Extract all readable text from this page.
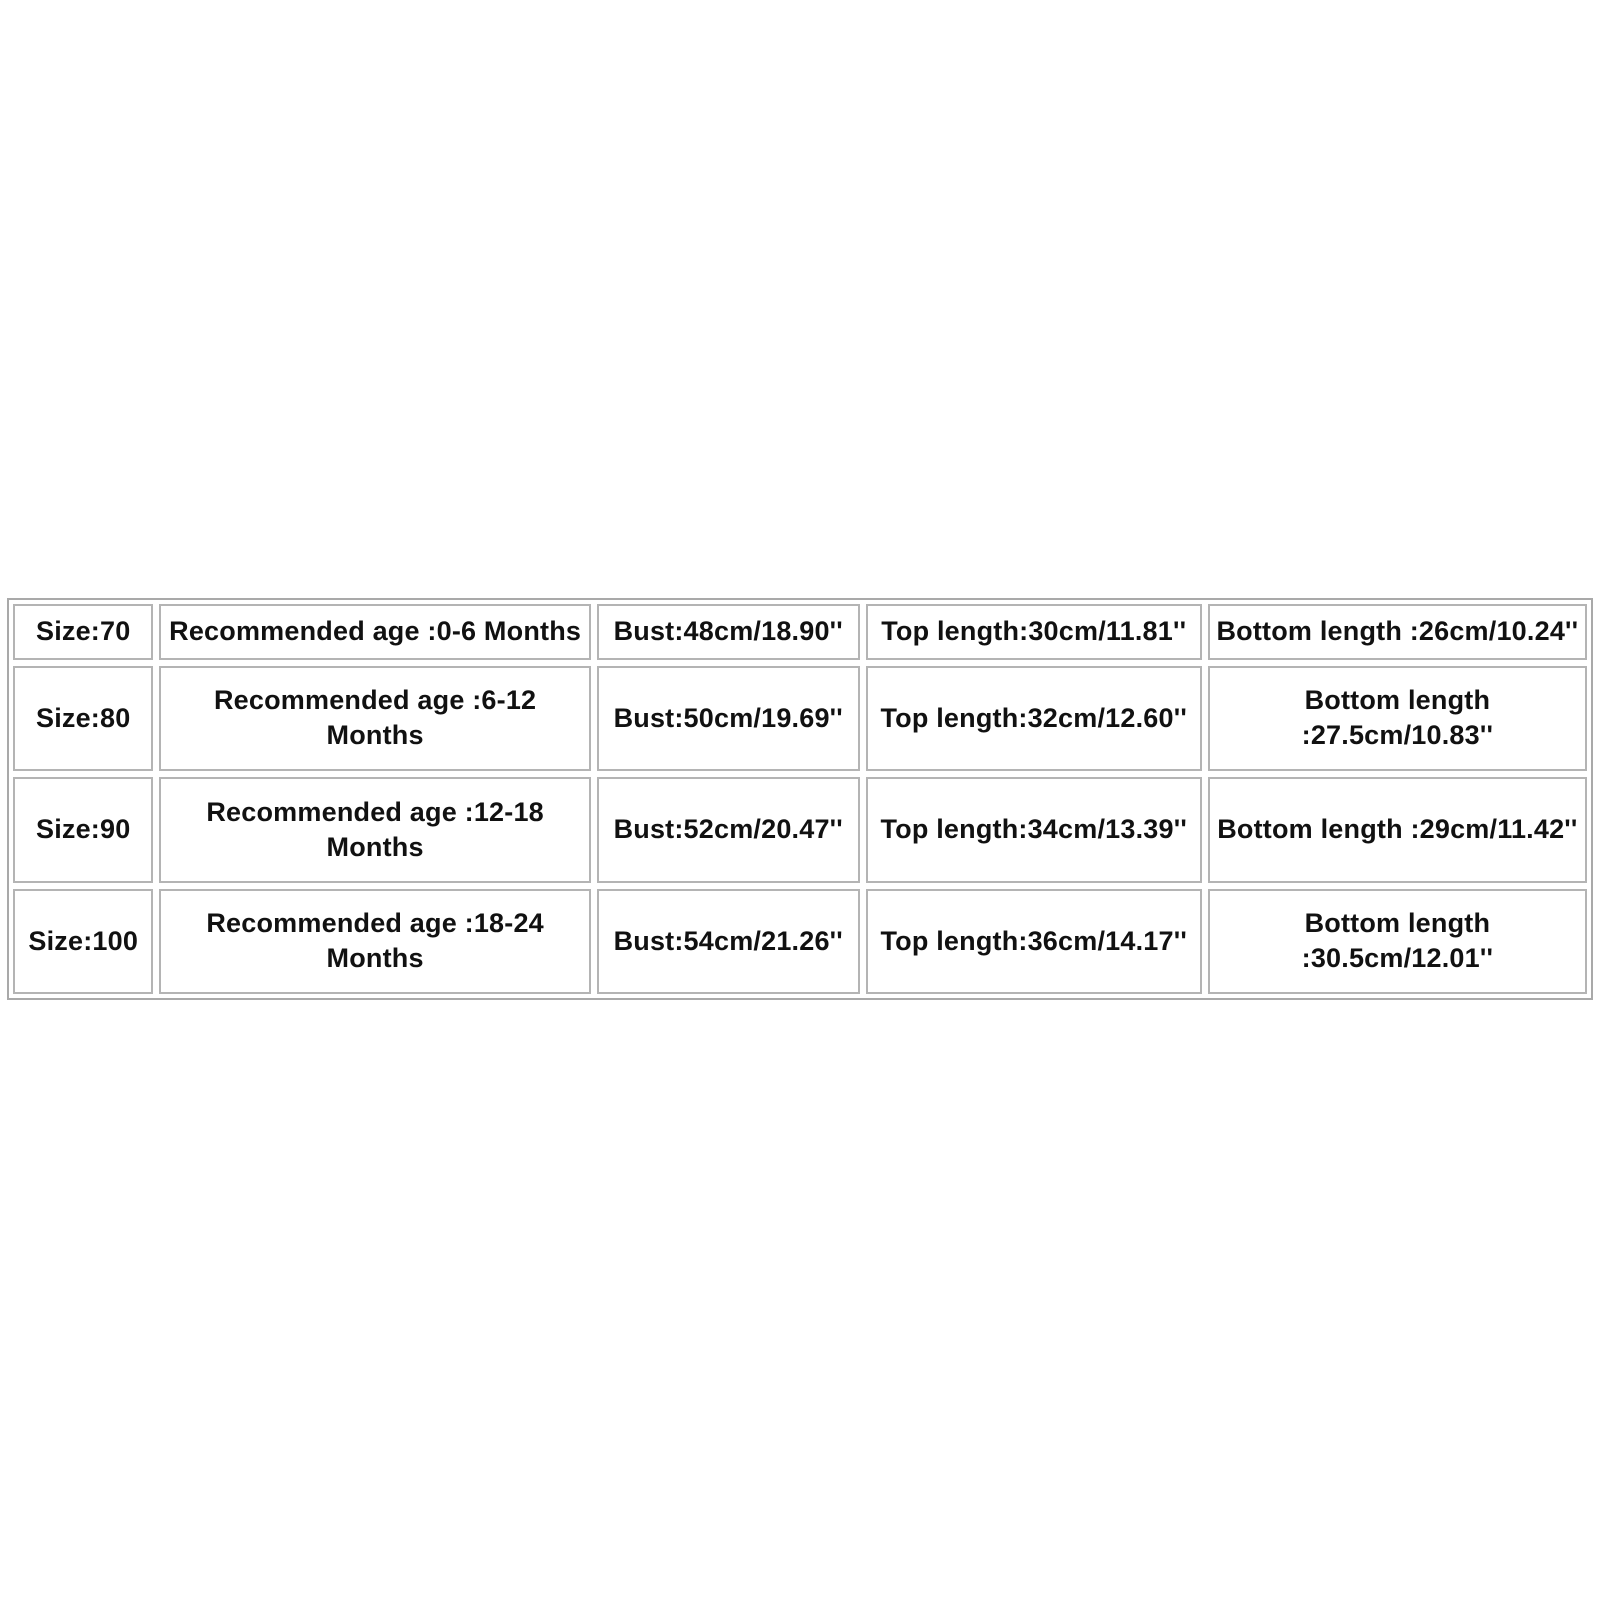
Size:70	Recommended age :0-6 Months	Bust:48cm/18.90''	Top length:30cm/11.81''	Bottom length :26cm/10.24''
Size:80	Recommended age :6-12 Months	Bust:50cm/19.69''	Top length:32cm/12.60''	Bottom length :27.5cm/10.83''
Size:90	Recommended age :12-18 Months	Bust:52cm/20.47''	Top length:34cm/13.39''	Bottom length :29cm/11.42''
Size:100	Recommended age :18-24 Months	Bust:54cm/21.26''	Top length:36cm/14.17''	Bottom length :30.5cm/12.01''
